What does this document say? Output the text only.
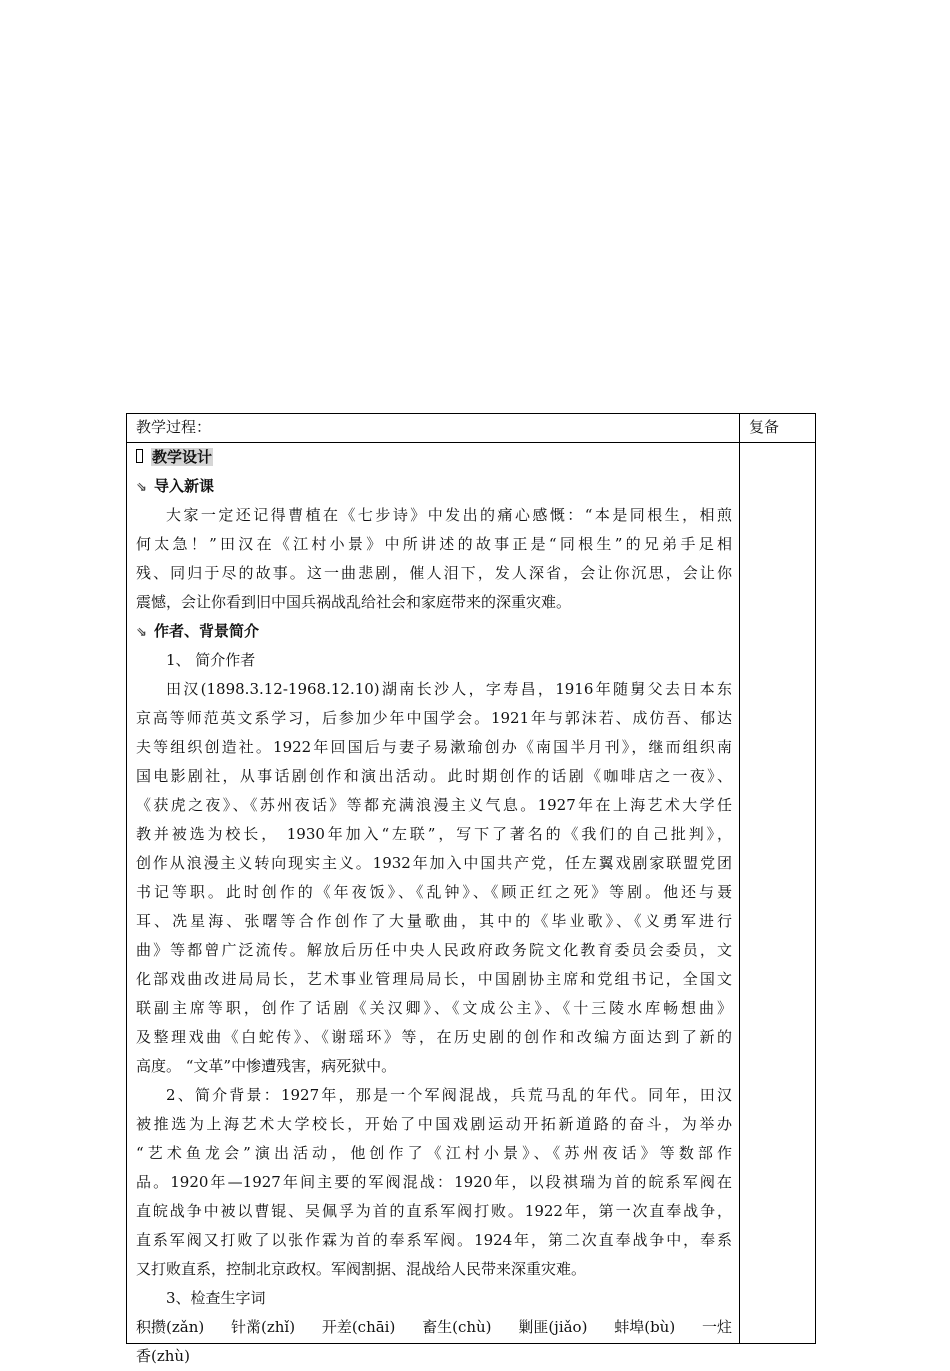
教学过程：	复备
教学设计
⇘ 导入新课
大家一定还记得曹植在《七步诗》中发出的痛心感慨：“本是同根生，相煎
何太急！”田汉在《江村小景》中所讲述的故事正是“同根生”的兄弟手足相
残、同归于尽的故事。这一曲悲剧，催人泪下，发人深省，会让你沉思，会让你
震憾，会让你看到旧中国兵祸战乱给社会和家庭带来的深重灾难。
⇘ 作者、背景简介
1、 简介作者
田汉(1898.3.12-1968.12.10)湖南长沙人，字寿昌，1916年随舅父去日本东
京高等师范英文系学习，后参加少年中国学会。1921年与郭沫若、成仿吾、郁达
夫等组织创造社。1922年回国后与妻子易漱瑜创办《南国半月刊》，继而组织南
国电影剧社，从事话剧创作和演出活动。此时期创作的话剧《咖啡店之一夜》、
《获虎之夜》、《苏州夜话》等都充满浪漫主义气息。1927年在上海艺术大学任
教并被选为校长， 1930年加入“左联”，写下了著名的《我们的自己批判》，
创作从浪漫主义转向现实主义。1932年加入中国共产党，任左翼戏剧家联盟党团
书记等职。此时创作的《年夜饭》、《乱钟》、《顾正红之死》等剧。他还与聂
耳、冼星海、张曙等合作创作了大量歌曲，其中的《毕业歌》、《义勇军进行
曲》等都曾广泛流传。解放后历任中央人民政府政务院文化教育委员会委员，文
化部戏曲改进局局长，艺术事业管理局局长，中国剧协主席和党组书记，全国文
联副主席等职，创作了话剧《关汉卿》、《文成公主》、《十三陵水库畅想曲》
及整理戏曲《白蛇传》、《谢瑶环》等，在历史剧的创作和改编方面达到了新的
高度。 “文革”中惨遭残害，病死狱中。
2、简介背景：1927年，那是一个军阀混战，兵荒马乱的年代。同年，田汉
被推选为上海艺术大学校长，开始了中国戏剧运动开拓新道路的奋斗，为举办
“艺术鱼龙会”演出活动，他创作了《江村小景》、《苏州夜话》等数部作
品。1920年—1927年间主要的军阀混战：1920年，以段祺瑞为首的皖系军阀在
直皖战争中被以曹锟、吴佩孚为首的直系军阀打败。1922年，第一次直奉战争，
直系军阀又打败了以张作霖为首的奉系军阀。1924年，第二次直奉战争中，奉系
又打败直系，控制北京政权。军阀割据、混战给人民带来深重灾难。
3、检查生字词
积攒(zǎn) 针黹(zhǐ) 开差(chāi) 畜生(chù) 剿匪(jiǎo) 蚌埠(bù) 一炷
香(zhù)
